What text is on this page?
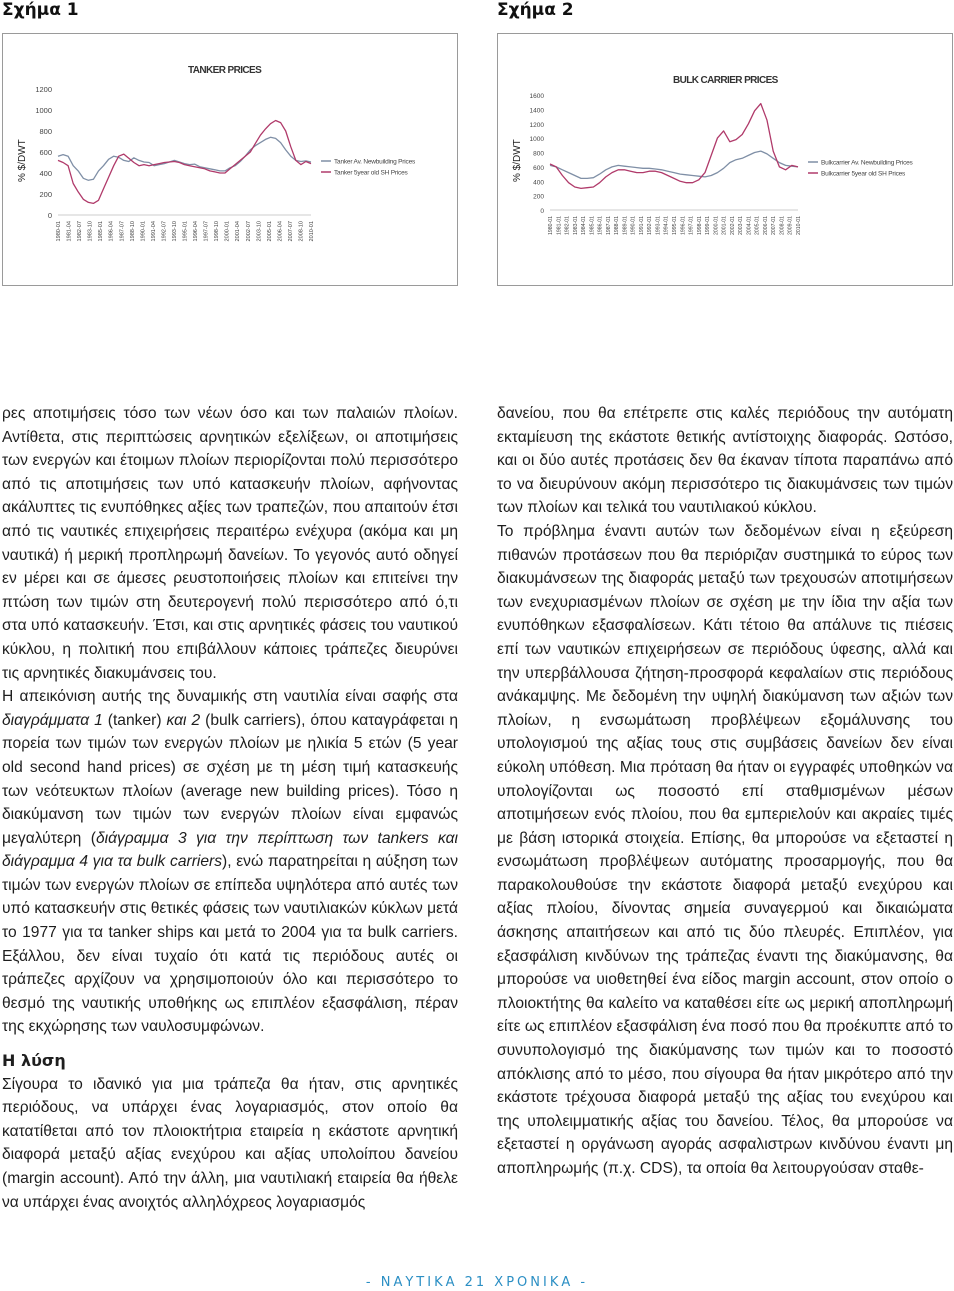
Σχήμα 1	Σχήμα 2
TANKER PRICES
% $/DWT
0
200
400
600
800
1000
1200
1980-01 1981-04 1982-07 1983-10 1985-01 1986-04 1987-07 1988-10 1990-01 1991-04 1992-07 1993-10 1995-01 1996-04 1997-07 1998-10 2000-01 2001-04 2002-07 2003-10 2005-01 2006-04 2007-07 2008-10 2010-01
Tanker Av. Newbuilding Prices
Tanker 5year old SH Prices
BULK CARRIER PRICES
% $/DWT
0
200
400
600
800
1000
1200
1400
1600
1980-01 1981-01 1982-01 1983-01 1984-01 1985-01 1986-01 1987-01 1988-01 1989-01 1990-01 1991-01 1992-01 1993-01 1994-01 1995-01 1996-01 1997-01 1998-01 1999-01 2000-01 2001-01 2002-01 2003-01 2004-01 2005-01 2006-01 2007-01 2008-01 2009-01 2010-01
Bulkcarrier Av. Newbuilding Prices
Bulkcarrier 5year old SH Prices

ρες αποτιμήσεις τόσο των νέων όσο και των παλαιών πλοίων. Αντίθετα, στις περιπτώσεις αρνητικών εξελίξεων, οι αποτιμήσεις των ενεργών και έτοιμων πλοίων περιορίζονται πολύ περισσότερο από τις αποτιμήσεις των υπό κατασκευήν πλοίων, αφήνοντας ακάλυπτες τις ενυπόθηκες αξίες των τραπεζών, που απαιτούν έτσι από τις ναυτικές επιχειρήσεις περαιτέρω ενέχυρα (ακόμα και μη ναυτικά) ή μερική προπληρωμή δανείων. Το γεγονός αυτό οδηγεί εν μέρει και σε άμεσες ρευστοποιήσεις πλοίων και επιτείνει την πτώση των τιμών στη δευτερογενή πολύ περισσότερο από ό,τι στα υπό κατασκευήν. Έτσι, και στις αρνητικές φάσεις του ναυτικού κύκλου, η πολιτική που επιβάλλουν κάποιες τράπεζες διευρύνει τις αρνητικές διακυμάνσεις του.

Η απεικόνιση αυτής της δυναμικής στη ναυτιλία είναι σαφής στα διαγράμματα 1 (tanker) και 2 (bulk carriers), όπου καταγράφεται η πορεία των τιμών των ενεργών πλοίων με ηλικία 5 ετών (5 year old second hand prices) σε σχέση με τη μέση τιμή κατασκευής των νεότευκτων πλοίων (average new building prices). Τόσο η διακύμανση των τιμών των ενεργών πλοίων είναι εμφανώς μεγαλύτερη (διάγραμμα 3 για την περίπτωση των tankers και διάγραμμα 4 για τα bulk carriers), ενώ παρατηρείται η αύξηση των τιμών των ενεργών πλοίων σε επίπεδα υψηλότερα από αυτές των υπό κατασκευήν στις θετικές φάσεις των ναυτιλιακών κύκλων μετά το 1977 για τα tanker ships και μετά το 2004 για τα bulk carriers. Εξάλλου, δεν είναι τυχαίο ότι κατά τις περιόδους αυτές οι τράπεζες αρχίζουν να χρησιμοποιούν όλο και περισσότερο το θεσμό της ναυτικής υποθήκης ως επιπλέον εξασφάλιση, πέραν της εκχώρησης των ναυλοσυμφώνων.

Η λύση

Σίγουρα το ιδανικό για μια τράπεζα θα ήταν, στις αρνητικές περιόδους, να υπάρχει ένας λογαριασμός, στον οποίο θα κατατίθεται από τον πλοιοκτήτρια εταιρεία η εκάστοτε αρνητική διαφορά μεταξύ αξίας ενεχύρου και αξίας υπολοίπου δανείου (margin account). Από την άλλη, μια ναυτιλιακή εταιρεία θα ήθελε να υπάρχει ένας ανοιχτός αλληλόχρεος λογαριασμός

δανείου, που θα επέτρεπε στις καλές περιόδους την αυτόματη εκταμίευση της εκάστοτε θετικής αντίστοιχης διαφοράς. Ωστόσο, και οι δύο αυτές προτάσεις δεν θα έκαναν τίποτα παραπάνω από το να διευρύνουν ακόμη περισσότερο τις διακυμάνσεις των τιμών των πλοίων και τελικά του ναυτιλιακού κύκλου.

Το πρόβλημα έναντι αυτών των δεδομένων είναι η εξεύρεση πιθανών προτάσεων που θα περιόριζαν συστημικά το εύρος των διακυμάνσεων της διαφοράς μεταξύ των τρεχουσών αποτιμήσεων των ενεχυριασμένων πλοίων σε σχέση με την ίδια την αξία των ενυπόθηκων εξασφαλίσεων. Κάτι τέτοιο θα απάλυνε τις πιέσεις επί των ναυτικών επιχειρήσεων σε περιόδους ύφεσης, αλλά και την υπερβάλλουσα ζήτηση-προσφορά κεφαλαίων στις περιόδους ανάκαμψης. Με δεδομένη την υψηλή διακύμανση των αξιών των πλοίων, η ενσωμάτωση προβλέψεων εξομάλυνσης του υπολογισμού της αξίας τους στις συμβάσεις δανείων δεν είναι εύκολη υπόθεση. Μια πρόταση θα ήταν οι εγγραφές υποθηκών να υπολογίζονται ως ποσοστό επί σταθμισμένων μέσων αποτιμήσεων ενός πλοίου, που θα εμπεριελούν και ακραίες τιμές με βάση ιστορικά στοιχεία. Επίσης, θα μπορούσε να εξεταστεί η ενσωμάτωση προβλέψεων αυτόματης προσαρμογής, που θα παρακολουθούσε την εκάστοτε διαφορά μεταξύ ενεχύρου και αξίας πλοίου, δίνοντας σημεία συναγερμού και δικαιώματα άσκησης απαιτήσεων και από τις δύο πλευρές. Επιπλέον, για εξασφάλιση κινδύνων της τράπεζας έναντι της διακύμανσης, θα μπορούσε να υιοθετηθεί ένα είδος margin account, στον οποίο ο πλοιοκτήτης θα καλείτο να καταθέσει είτε ως μερική αποπληρωμή είτε ως επιπλέον εξασφάλιση ένα ποσό που θα προέκυπτε από το συνυπολογισμό της διακύμανσης των τιμών και το ποσοστό απόκλισης από το μέσο, που σίγουρα θα ήταν μικρότερο από την εκάστοτε τρέχουσα διαφορά μεταξύ της αξίας του ενεχύρου και της υπολειμματικής αξίας του δανείου. Τέλος, θα μπορούσε να εξεταστεί η οργάνωση αγοράς ασφαλιστρων κινδύνου έναντι μη αποπληρωμής (π.χ. CDS), τα οποία θα λειτουργούσαν σταθε-

- ΝΑΥΤΙΚΑ 21 ΧΡΟΝΙΚΑ -
